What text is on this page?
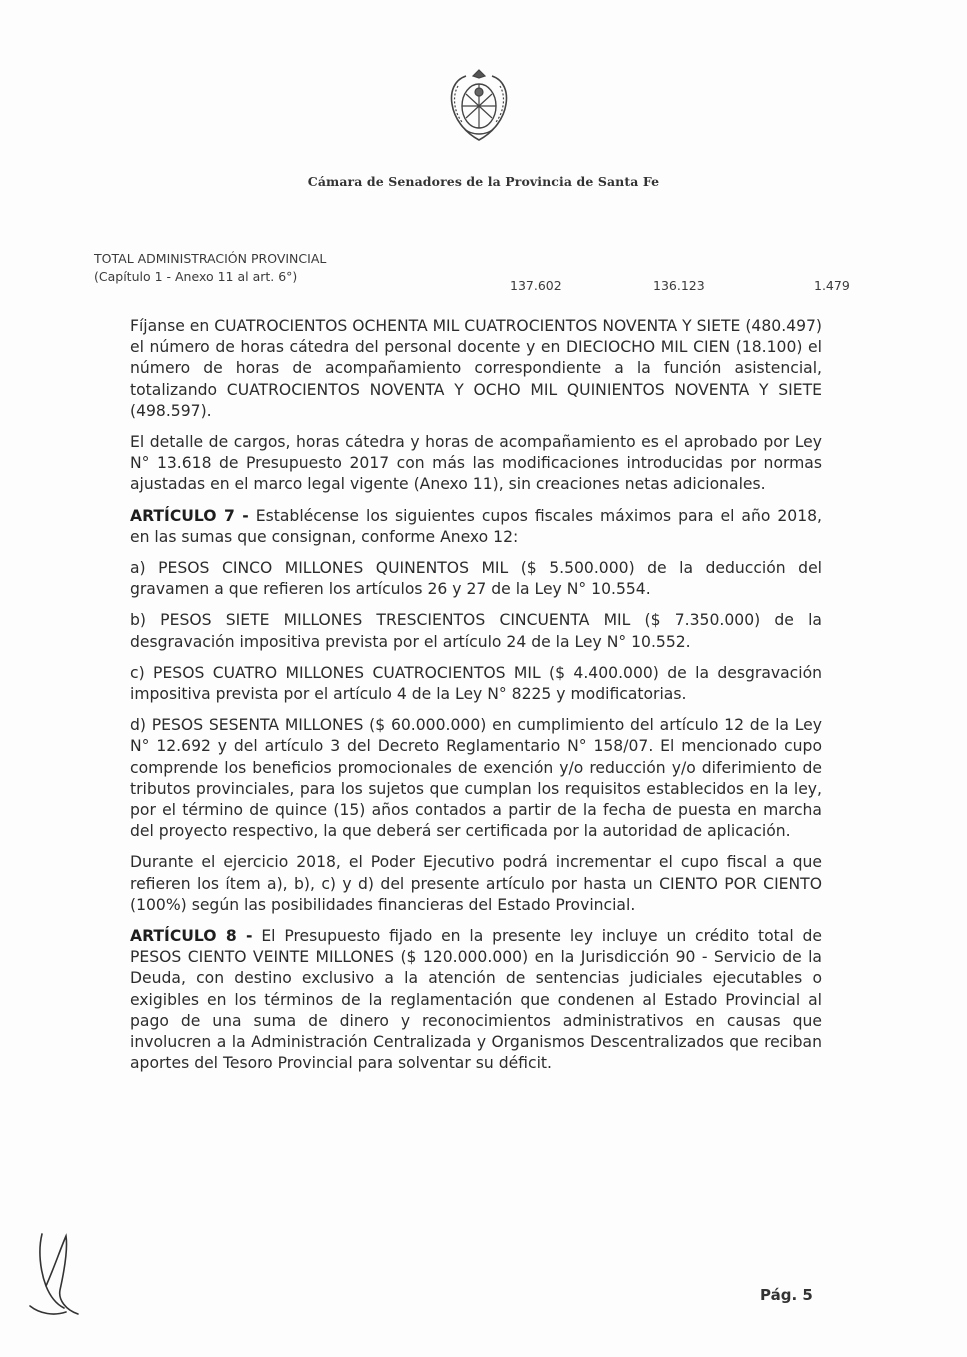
Cámara de Senadores de la Provincia de Santa Fe
TOTAL ADMINISTRACIÓN PROVINCIAL
(Capítulo 1 - Anexo 11 al art. 6°)
137.602	136.123	1.479

Fíjanse en CUATROCIENTOS OCHENTA MIL CUATROCIENTOS NOVENTA Y SIETE (480.497) el número de horas cátedra del personal docente y en DIECIOCHO MIL CIEN (18.100) el número de horas de acompañamiento correspondiente a la función asistencial, totalizando CUATROCIENTOS NOVENTA Y OCHO MIL QUINIENTOS NOVENTA Y SIETE (498.597).

El detalle de cargos, horas cátedra y horas de acompañamiento es el aprobado por Ley N° 13.618 de Presupuesto 2017 con más las modificaciones introducidas por normas ajustadas en el marco legal vigente (Anexo 11), sin creaciones netas adicionales.

ARTÍCULO 7 - Establécense los siguientes cupos fiscales máximos para el año 2018, en las sumas que consignan, conforme Anexo 12:

a) PESOS CINCO MILLONES QUINENTOS MIL ($ 5.500.000) de la deducción del gravamen a que refieren los artículos 26 y 27 de la Ley N° 10.554.

b) PESOS SIETE MILLONES TRESCIENTOS CINCUENTA MIL ($ 7.350.000) de la desgravación impositiva prevista por el artículo 24 de la Ley N° 10.552.

c) PESOS CUATRO MILLONES CUATROCIENTOS MIL ($ 4.400.000) de la desgravación impositiva prevista por el artículo 4 de la Ley N° 8225 y modificatorias.

d) PESOS SESENTA MILLONES ($ 60.000.000) en cumplimiento del artículo 12 de la Ley N° 12.692 y del artículo 3 del Decreto Reglamentario N° 158/07. El mencionado cupo comprende los beneficios promocionales de exención y/o reducción y/o diferimiento de tributos provinciales, para los sujetos que cumplan los requisitos establecidos en la ley, por el término de quince (15) años contados a partir de la fecha de puesta en marcha del proyecto respectivo, la que deberá ser certificada por la autoridad de aplicación.

Durante el ejercicio 2018, el Poder Ejecutivo podrá incrementar el cupo fiscal a que refieren los ítem a), b), c) y d) del presente artículo por hasta un CIENTO POR CIENTO (100%) según las posibilidades financieras del Estado Provincial.

ARTÍCULO 8 - El Presupuesto fijado en la presente ley incluye un crédito total de PESOS CIENTO VEINTE MILLONES ($ 120.000.000) en la Jurisdicción 90 - Servicio de la Deuda, con destino exclusivo a la atención de sentencias judiciales ejecutables o exigibles en los términos de la reglamentación que condenen al Estado Provincial al pago de una suma de dinero y reconocimientos administrativos en causas que involucren a la Administración Centralizada y Organismos Descentralizados que reciban aportes del Tesoro Provincial para solventar su déficit.

Pág. 5
